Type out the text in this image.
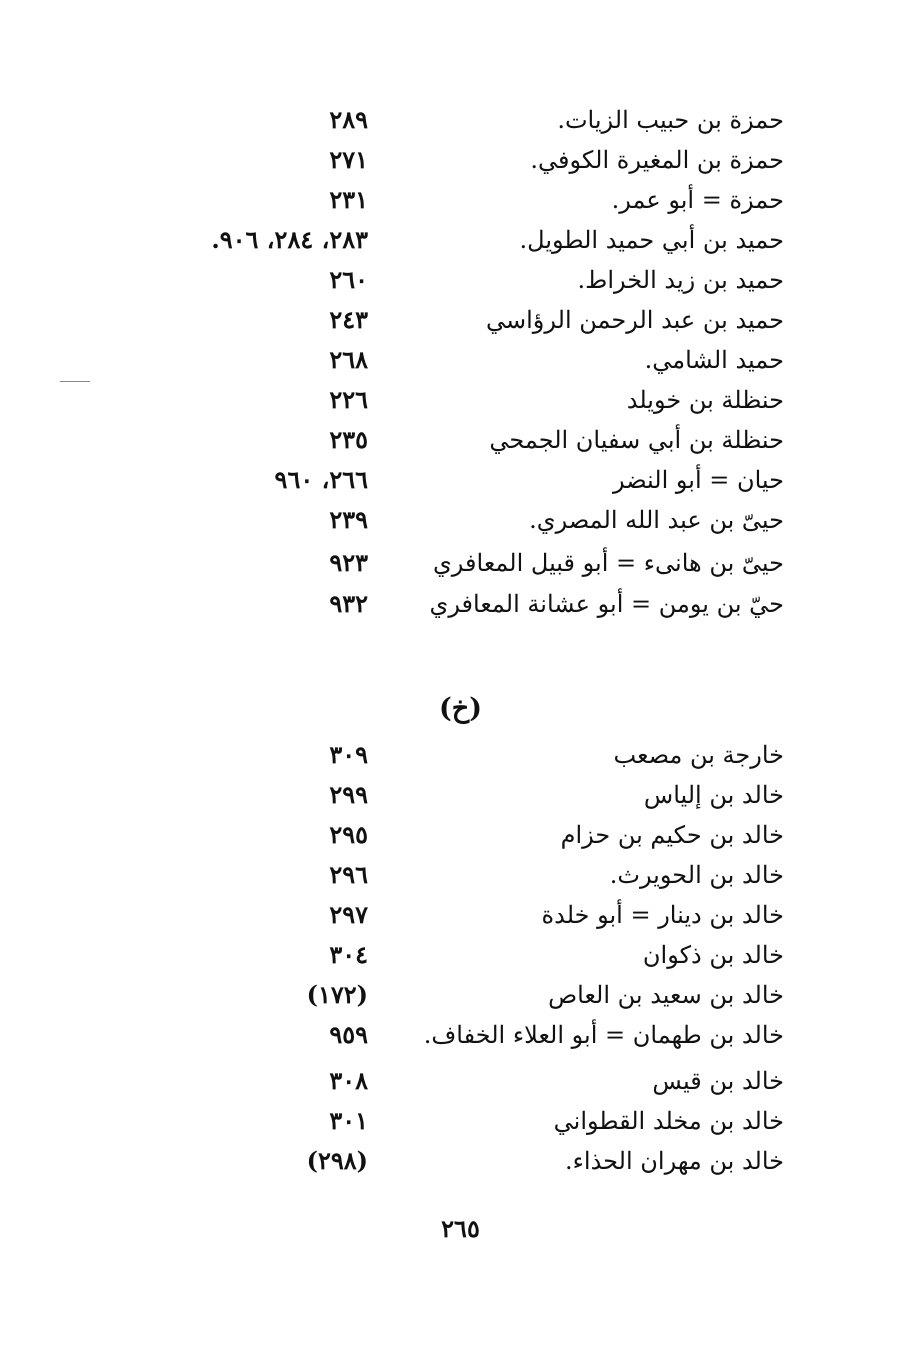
حمزة بن حبيب الزيات.
٢٨٩
حمزة بن المغيرة الكوفي.
٢٧١
حمزة = أبو عمر.
٢٣١
حميد بن أبي حميد الطويل.
٢٨٣، ٢٨٤، ٩٠٦.
حميد بن زيد الخراط.
٢٦٠
حميد بن عبد الرحمن الرؤاسي
٢٤٣
حميد الشامي.
٢٦٨
حنظلة بن خويلد
٢٢٦
حنظلة بن أبي سفيان الجمحي
٢٣٥
حيان = أبو النضر
٢٦٦، ٩٦٠
حيىّ بن عبد الله المصري.
٢٣٩
حيىّ بن هانىء = أبو قبيل المعافري
٩٢٣
حيّ بن يومن = أبو عشانة المعافري
٩٣٢
(خ)
خارجة بن مصعب
٣٠٩
خالد بن إلياس
٢٩٩
خالد بن حكيم بن حزام
٢٩٥
خالد بن الحويرث.
٢٩٦
خالد بن دينار = أبو خلدة
٢٩٧
خالد بن ذكوان
٣٠٤
خالد بن سعيد بن العاص
(١٧٢)
خالد بن طهمان = أبو العلاء الخفاف.
٩٥٩
خالد بن قيس
٣٠٨
خالد بن مخلد القطواني
٣٠١
خالد بن مهران الحذاء.
(٢٩٨)
٢٦٥
